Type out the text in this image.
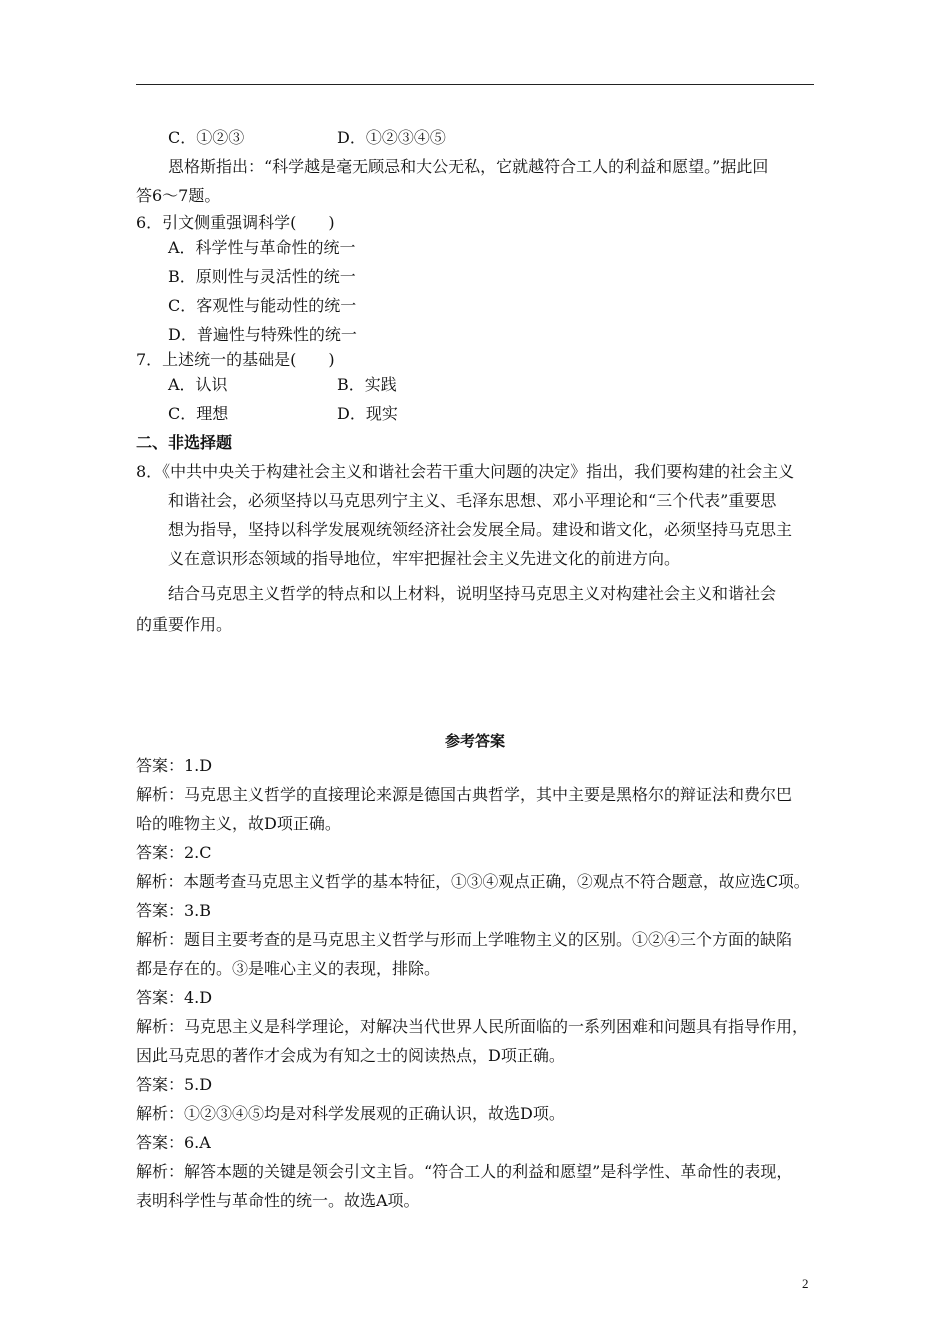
C．①②③	D．①②③④⑤
恩格斯指出：“科学越是毫无顾忌和大公无私，它就越符合工人的利益和愿望。”据此回
答6～7题。
6．引文侧重强调科学(　　)
A．科学性与革命性的统一
B．原则性与灵活性的统一
C．客观性与能动性的统一
D．普遍性与特殊性的统一
7．上述统一的基础是(　　)
A．认识	B．实践
C．理想	D．现实
二、非选择题
8．《中共中央关于构建社会主义和谐社会若干重大问题的决定》指出，我们要构建的社会主义
和谐社会，必须坚持以马克思列宁主义、毛泽东思想、邓小平理论和“三个代表”重要思
想为指导，坚持以科学发展观统领经济社会发展全局。建设和谐文化，必须坚持马克思主
义在意识形态领域的指导地位，牢牢把握社会主义先进文化的前进方向。
结合马克思主义哲学的特点和以上材料，说明坚持马克思主义对构建社会主义和谐社会
的重要作用。
参考答案
答案：1.D
解析：马克思主义哲学的直接理论来源是德国古典哲学，其中主要是黑格尔的辩证法和费尔巴
哈的唯物主义，故D项正确。
答案：2.C
解析：本题考查马克思主义哲学的基本特征，①③④观点正确，②观点不符合题意，故应选C项。
答案：3.B
解析：题目主要考查的是马克思主义哲学与形而上学唯物主义的区别。①②④三个方面的缺陷
都是存在的。③是唯心主义的表现，排除。
答案：4.D
解析：马克思主义是科学理论，对解决当代世界人民所面临的一系列困难和问题具有指导作用，
因此马克思的著作才会成为有知之士的阅读热点，D项正确。
答案：5.D
解析：①②③④⑤均是对科学发展观的正确认识，故选D项。
答案：6.A
解析：解答本题的关键是领会引文主旨。“符合工人的利益和愿望”是科学性、革命性的表现，
表明科学性与革命性的统一。故选A项。
2
